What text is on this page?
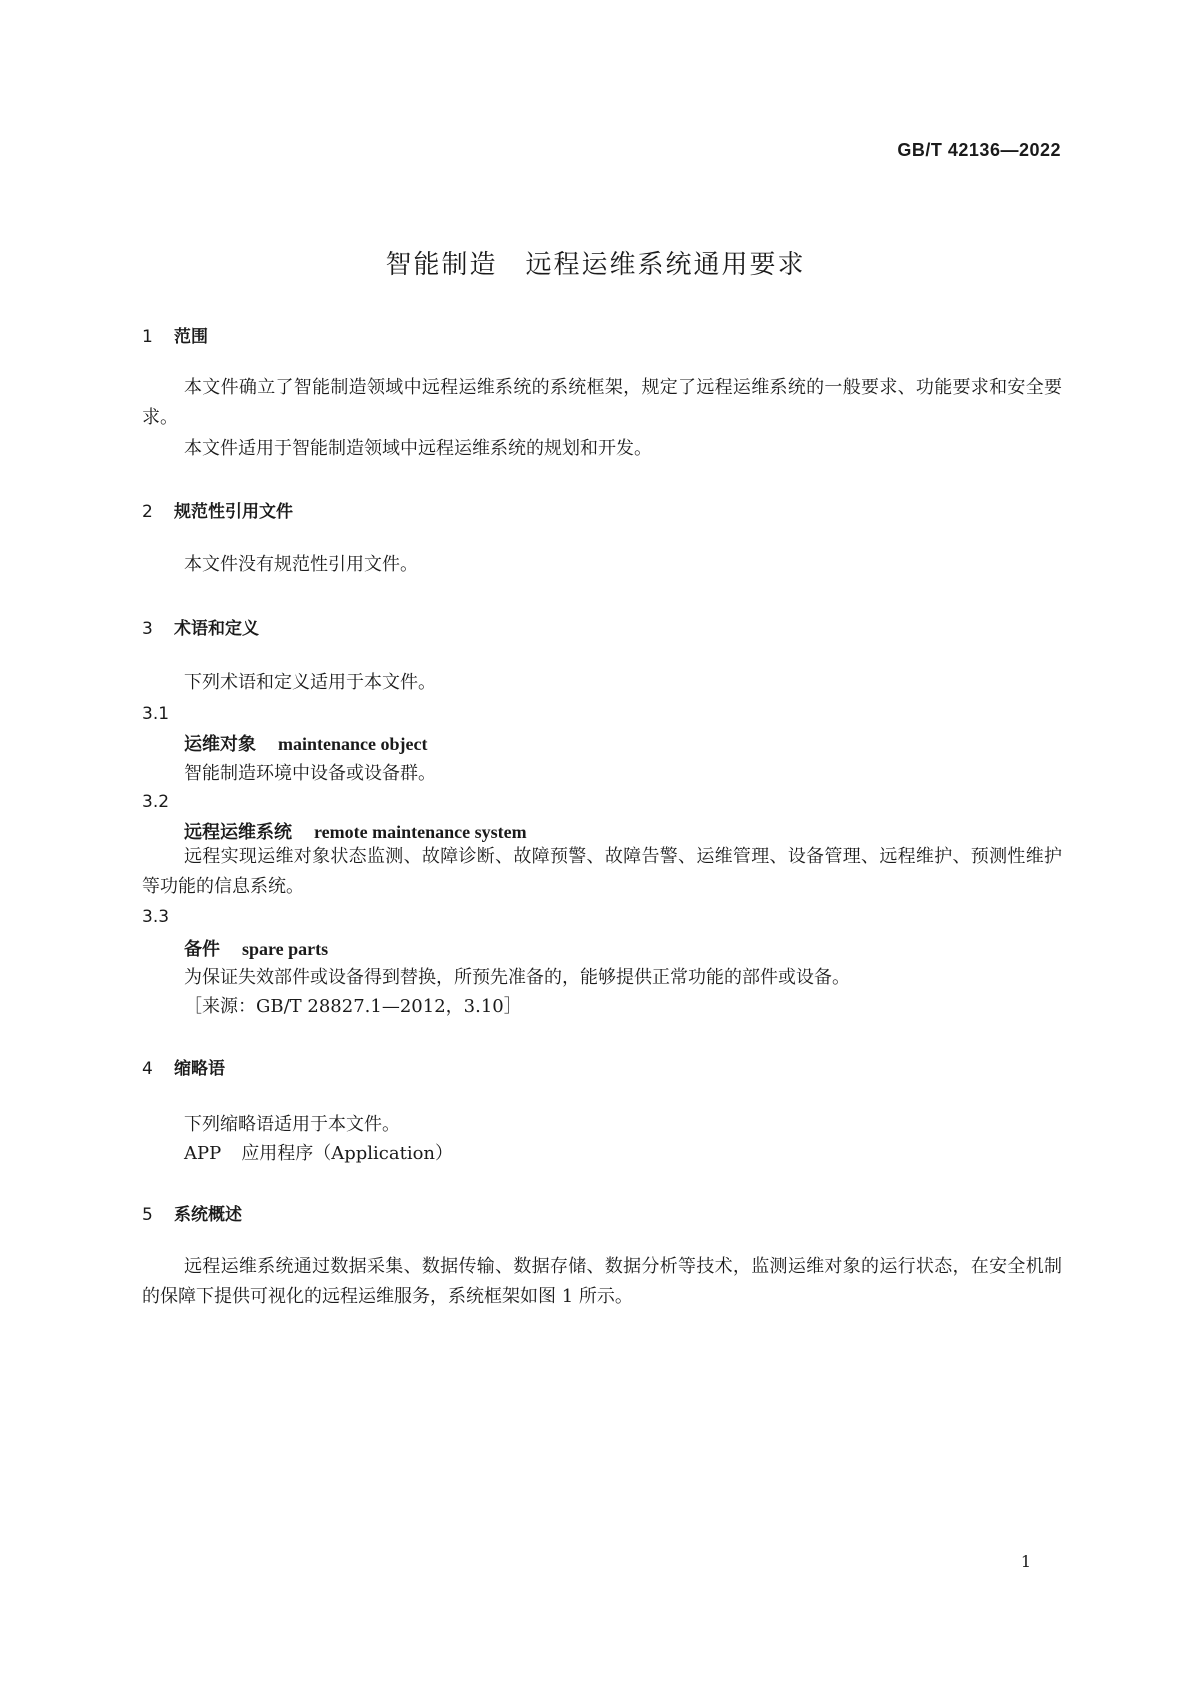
GB/T 42136—2022
智能制造　远程运维系统通用要求
1 范围
本文件确立了智能制造领域中远程运维系统的系统框架，规定了远程运维系统的一般要求、功能要求和安全要求。
本文件适用于智能制造领域中远程运维系统的规划和开发。
2 规范性引用文件
本文件没有规范性引用文件。
3 术语和定义
下列术语和定义适用于本文件。
3.1
运维对象 maintenance object
智能制造环境中设备或设备群。
3.2
远程运维系统 remote maintenance system
远程实现运维对象状态监测、故障诊断、故障预警、故障告警、运维管理、设备管理、远程维护、预测性维护等功能的信息系统。
3.3
备件 spare parts
为保证失效部件或设备得到替换，所预先准备的，能够提供正常功能的部件或设备。
［来源：GB/T 28827.1—2012，3.10］
4 缩略语
下列缩略语适用于本文件。
APP 应用程序（Application）
5 系统概述
远程运维系统通过数据采集、数据传输、数据存储、数据分析等技术，监测运维对象的运行状态，在安全机制的保障下提供可视化的远程运维服务，系统框架如图 1 所示。
1
